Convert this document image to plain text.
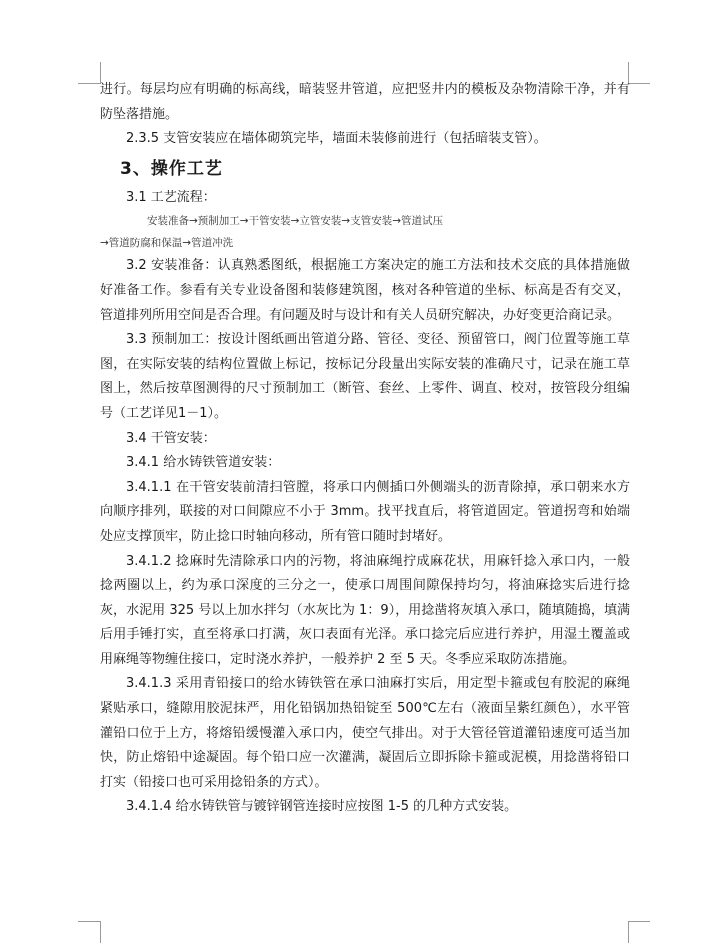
进行。每层均应有明确的标高线，暗装竖井管道，应把竖井内的模板及杂物清除干净，并有防坠落措施。

2.3.5 支管安装应在墙体砌筑完毕，墙面未装修前进行（包括暗装支管）。

3、操作工艺

3.1 工艺流程：

安装准备→预制加工→干管安装→立管安装→支管安装→管道试压

→管道防腐和保温→管道冲洗

3.2 安装准备：认真熟悉图纸，根据施工方案决定的施工方法和技术交底的具体措施做好准备工作。参看有关专业设备图和装修建筑图，核对各种管道的坐标、标高是否有交叉，管道排列所用空间是否合理。有问题及时与设计和有关人员研究解决，办好变更洽商记录。

3.3 预制加工：按设计图纸画出管道分路、管径、变径、预留管口，阀门位置等施工草图，在实际安装的结构位置做上标记，按标记分段量出实际安装的准确尺寸，记录在施工草图上，然后按草图测得的尺寸预制加工（断管、套丝、上零件、调直、校对，按管段分组编号（工艺详见1－1）。

3.4 干管安装：

3.4.1 给水铸铁管道安装：

3.4.1.1 在干管安装前清扫管膛，将承口内侧插口外侧端头的沥青除掉，承口朝来水方向顺序排列，联接的对口间隙应不小于 3mm。找平找直后，将管道固定。管道拐弯和始端处应支撑顶牢，防止捻口时轴向移动，所有管口随时封堵好。

3.4.1.2 捻麻时先清除承口内的污物，将油麻绳拧成麻花状，用麻钎捻入承口内，一般捻两圈以上，约为承口深度的三分之一，使承口周围间隙保持均匀，将油麻捻实后进行捻灰，水泥用 325 号以上加水拌匀（水灰比为 1：9），用捻凿将灰填入承口，随填随捣，填满后用手锤打实，直至将承口打满，灰口表面有光泽。承口捻完后应进行养护，用湿土覆盖或用麻绳等物缠住接口，定时浇水养护，一般养护 2 至 5 天。冬季应采取防冻措施。

3.4.1.3 采用青铅接口的给水铸铁管在承口油麻打实后，用定型卡箍或包有胶泥的麻绳紧贴承口，缝隙用胶泥抹严，用化铅锅加热铅锭至 500℃左右（液面呈紫红颜色），水平管灌铅口位于上方，将熔铅缓慢灌入承口内，使空气排出。对于大管径管道灌铅速度可适当加快，防止熔铅中途凝固。每个铅口应一次灌满，凝固后立即拆除卡箍或泥模，用捻凿将铅口打实（铅接口也可采用捻铅条的方式）。

3.4.1.4 给水铸铁管与镀锌钢管连接时应按图 1-5 的几种方式安装。
